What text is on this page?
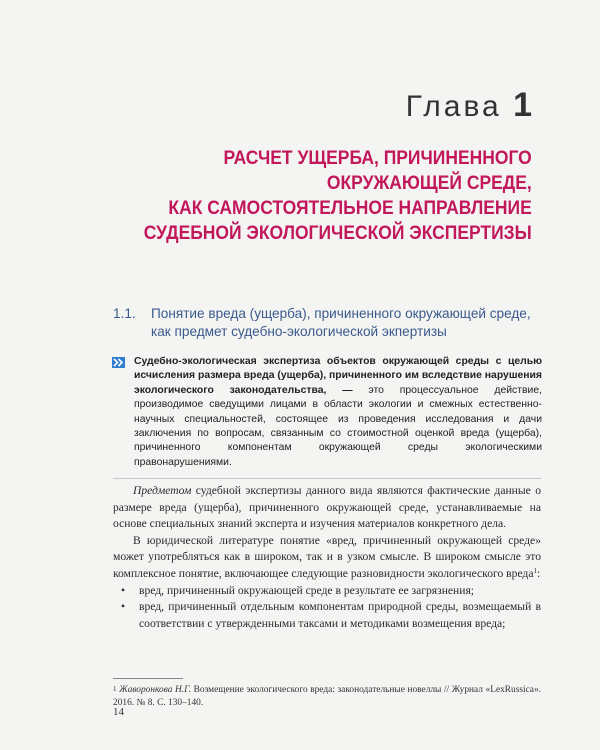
Глава 1
РАСЧЕТ УЩЕРБА, ПРИЧИНЕННОГО
ОКРУЖАЮЩЕЙ СРЕДЕ,
КАК САМОСТОЯТЕЛЬНОЕ НАПРАВЛЕНИЕ
СУДЕБНОЙ ЭКОЛОГИЧЕСКОЙ ЭКСПЕРТИЗЫ
1.1. Понятие вреда (ущерба), причиненного окружающей среде,
как предмет судебно-экологической экпертизы
Судебно-экологическая экспертиза объектов окружающей среды с целью исчисления размера вреда (ущерба), причиненного им вследствие нарушения экологического законодательства, — это процессуальное действие, производимое сведущими лицами в области экологии и смежных естественно-научных специальностей, состоящее из проведения исследования и дачи заключения по вопросам, связанным со стоимостной оценкой вреда (ущерба), причиненного компонентам окружающей среды экологическими правонарушениями.

Предметом судебной экспертизы данного вида являются фактические данные о размере вреда (ущерба), причиненного окружающей среде, устанавливаемые на основе специальных знаний эксперта и изучения материалов конкретного дела.

В юридической литературе понятие «вред, причиненный окружающей среде» может употребляться как в широком, так и в узком смысле. В широком смысле это комплексное понятие, включающее следующие разновидности экологического вреда$^1$:

• вред, причиненный окружающей среде в результате ее загрязнения;
• вред, причиненный отдельным компонентам природной среды, возмещаемый в соответствии с утвержденными таксами и методиками возмещения вреда;
$^1$ Жаворонкова Н.Г. Возмещение экологического вреда: законодательные новеллы // Журнал «LexRussica». 2016. № 8. С. 130–140.
14
